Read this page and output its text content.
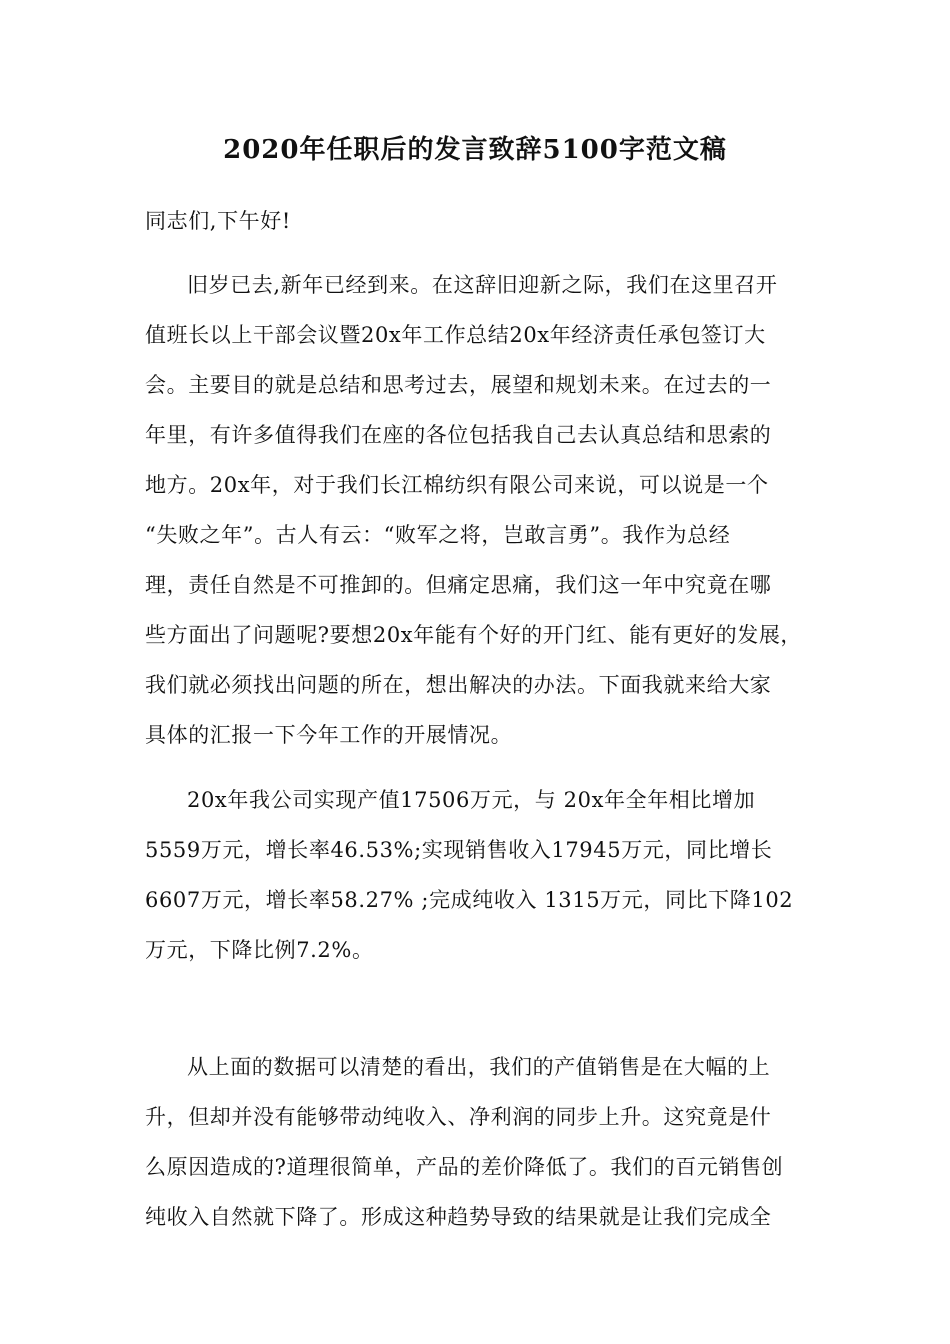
2020年任职后的发言致辞5100字范文稿
同志们,下午好!
旧岁已去,新年已经到来。在这辞旧迎新之际，我们在这里召开
值班长以上干部会议暨20x年工作总结20x年经济责任承包签订大
会。主要目的就是总结和思考过去，展望和规划未来。在过去的一
年里，有许多值得我们在座的各位包括我自己去认真总结和思索的
地方。20x年，对于我们长江棉纺织有限公司来说，可以说是一个
“失败之年”。古人有云：“败军之将，岂敢言勇”。我作为总经
理，责任自然是不可推卸的。但痛定思痛，我们这一年中究竟在哪
些方面出了问题呢?要想20x年能有个好的开门红、能有更好的发展，
我们就必须找出问题的所在，想出解决的办法。下面我就来给大家
具体的汇报一下今年工作的开展情况。
20x年我公司实现产值17506万元，与 20x年全年相比增加
5559万元，增长率46.53%;实现销售收入17945万元，同比增长
6607万元，增长率58.27% ;完成纯收入 1315万元，同比下降102
万元，下降比例7.2%。
从上面的数据可以清楚的看出，我们的产值销售是在大幅的上
升，但却并没有能够带动纯收入、净利润的同步上升。这究竟是什
么原因造成的?道理很简单，产品的差价降低了。我们的百元销售创
纯收入自然就下降了。形成这种趋势导致的结果就是让我们完成全
